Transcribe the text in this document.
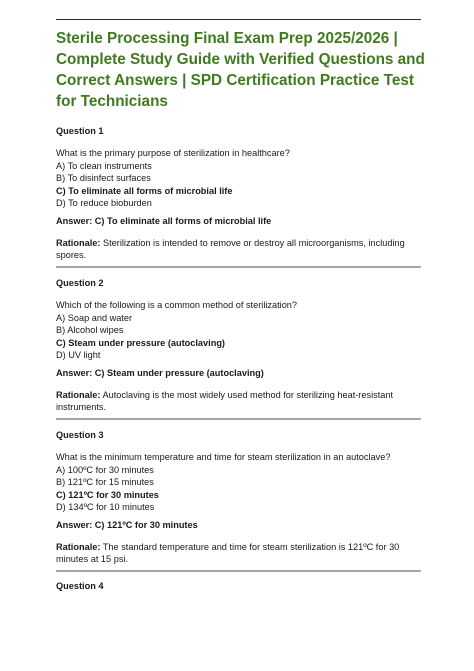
Sterile Processing Final Exam Prep 2025/2026 | Complete Study Guide with Verified Questions and Correct Answers | SPD Certification Practice Test for Technicians

Question 1

What is the primary purpose of sterilization in healthcare?

A) To clean instruments
B) To disinfect surfaces
C) To eliminate all forms of microbial life
D) To reduce bioburden

Answer: C) To eliminate all forms of microbial life

Rationale: Sterilization is intended to remove or destroy all microorganisms, including spores.

Question 2

Which of the following is a common method of sterilization?

A) Soap and water
B) Alcohol wipes
C) Steam under pressure (autoclaving)
D) UV light

Answer: C) Steam under pressure (autoclaving)

Rationale: Autoclaving is the most widely used method for sterilizing heat-resistant instruments.

Question 3

What is the minimum temperature and time for steam sterilization in an autoclave?

A) 100ºC for 30 minutes
B) 121ºC for 15 minutes
C) 121ºC for 30 minutes
D) 134ºC for 10 minutes

Answer: C) 121ºC for 30 minutes

Rationale: The standard temperature and time for steam sterilization is 121ºC for 30 minutes at 15 psi.

Question 4
